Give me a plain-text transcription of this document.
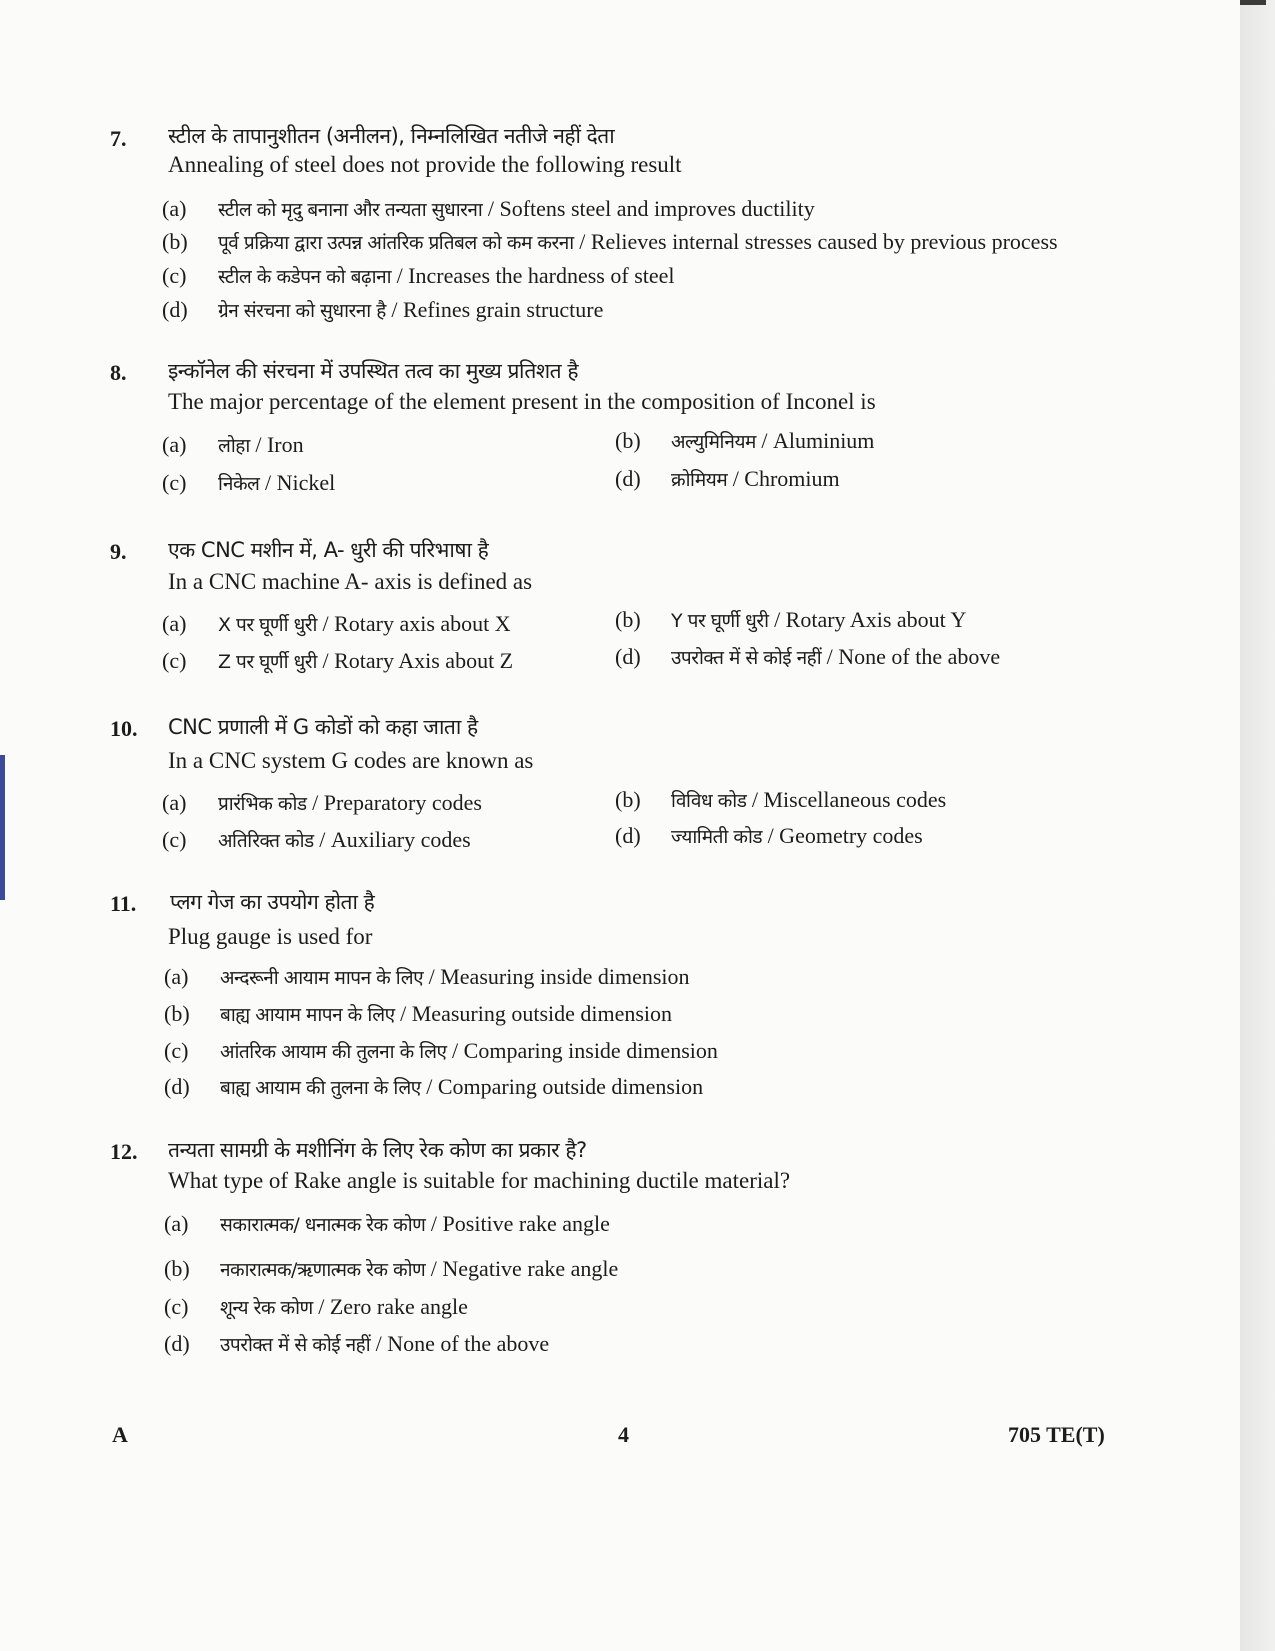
7. स्टील के तापानुशीतन (अनीलन), निम्नलिखित नतीजे नहीं देता
Annealing of steel does not provide the following result
(a) स्टील को मृदु बनाना और तन्यता सुधारना / Softens steel and improves ductility
(b) पूर्व प्रक्रिया द्वारा उत्पन्न आंतरिक प्रतिबल को कम करना / Relieves internal stresses caused by previous process
(c) स्टील के कडेपन को बढ़ाना / Increases the hardness of steel
(d) ग्रेन संरचना को सुधारना है / Refines grain structure
8. इन्कॉनेल की संरचना में उपस्थित तत्व का मुख्य प्रतिशत है
The major percentage of the element present in the composition of Inconel is
(a) लोहा / Iron	(b) अल्युमिनियम / Aluminium
(c) निकेल / Nickel	(d) क्रोमियम / Chromium
9. एक CNC मशीन में, A- धुरी की परिभाषा है
In a CNC machine A- axis is defined as
(a) X पर घूर्णी धुरी / Rotary axis about X	(b) Y पर घूर्णी धुरी / Rotary Axis about Y
(c) Z पर घूर्णी धुरी / Rotary Axis about Z	(d) उपरोक्त में से कोई नहीं / None of the above
10. CNC प्रणाली में G कोडों को कहा जाता है
In a CNC system G codes are known as
(a) प्रारंभिक कोड / Preparatory codes	(b) विविध कोड / Miscellaneous codes
(c) अतिरिक्त कोड / Auxiliary codes	(d) ज्यामिती कोड / Geometry codes
11. प्लग गेज का उपयोग होता है
Plug gauge is used for
(a) अन्दरूनी आयाम मापन के लिए / Measuring inside dimension
(b) बाह्य आयाम मापन के लिए / Measuring outside dimension
(c) आंतरिक आयाम की तुलना के लिए / Comparing inside dimension
(d) बाह्य आयाम की तुलना के लिए / Comparing outside dimension
12. तन्यता सामग्री के मशीनिंग के लिए रेक कोण का प्रकार है?
What type of Rake angle is suitable for machining ductile material?
(a) सकारात्मक/ धनात्मक रेक कोण / Positive rake angle
(b) नकारात्मक/ऋणात्मक रेक कोण / Negative rake angle
(c) शून्य रेक कोण / Zero rake angle
(d) उपरोक्त में से कोई नहीं / None of the above
A	4	705 TE(T)
